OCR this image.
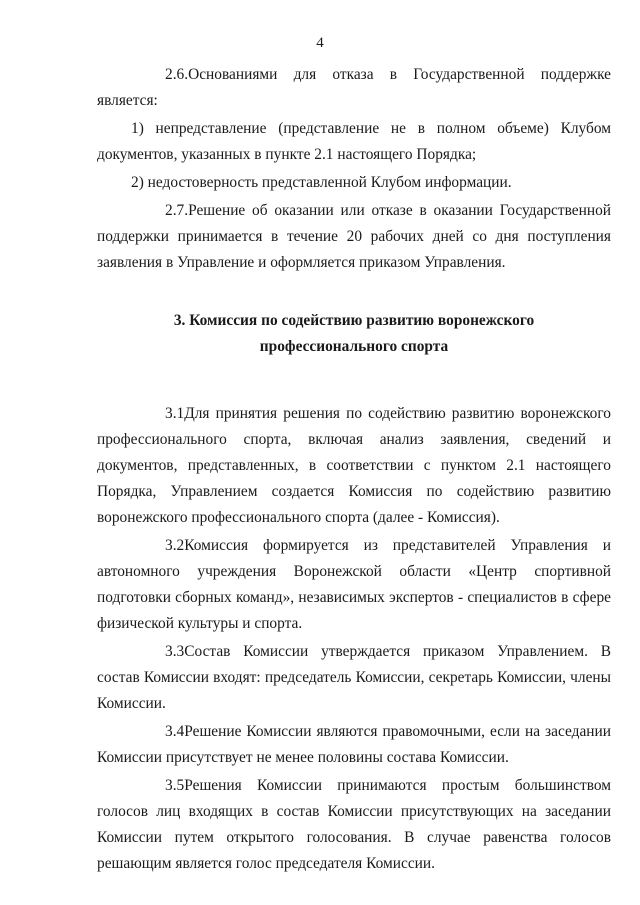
4

2.6.Основаниями для отказа в Государственной поддержке является:

1) непредставление (представление не в полном объеме) Клубом документов, указанных в пункте 2.1 настоящего Порядка;

2) недостоверность представленной Клубом информации.

2.7.Решение об оказании или отказе в оказании Государственной поддержки принимается в течение 20 рабочих дней со дня поступления заявления в Управление и оформляется приказом Управления.

3. Комиссия по содействию развитию воронежского
профессионального спорта

3.1Для принятия решения по содействию развитию воронежского профессионального спорта, включая анализ заявления, сведений и документов, представленных, в соответствии с пунктом 2.1 настоящего Порядка, Управлением создается Комиссия по содействию развитию воронежского профессионального спорта (далее - Комиссия).

3.2Комиссия формируется из представителей Управления и автономного учреждения Воронежской области «Центр спортивной подготовки сборных команд», независимых экспертов - специалистов в сфере физической культуры и спорта.

3.3Состав Комиссии утверждается приказом Управлением. В состав Комиссии входят: председатель Комиссии, секретарь Комиссии, члены Комиссии.

3.4Решение Комиссии являются правомочными, если на заседании Комиссии присутствует не менее половины состава Комиссии.

3.5Решения Комиссии принимаются простым большинством голосов лиц входящих в состав Комиссии присутствующих на заседании Комиссии путем открытого голосования. В случае равенства голосов решающим является голос председателя Комиссии.
